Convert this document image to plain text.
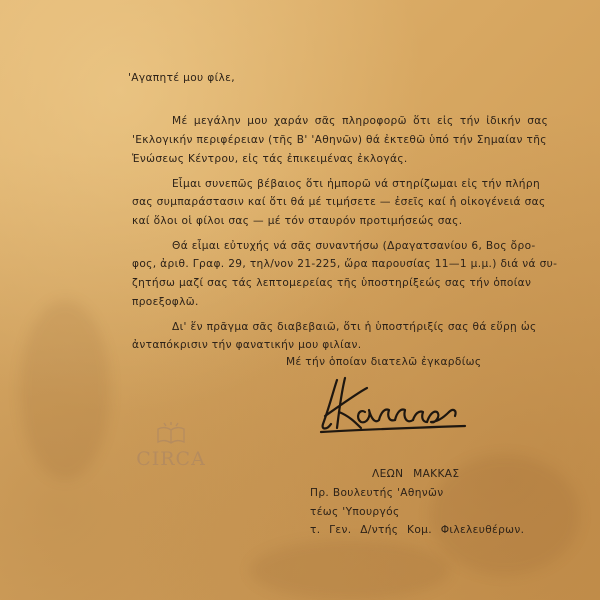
'Αγαπητέ μου φίλε,
Μέ μεγάλην μου χαράν σᾶς πληροφορῶ ὅτι εἰς τήν ἰδικήν σας
'Εκλογικήν περιφέρειαν (τῆς Β' 'Αθηνῶν) θά ἐκτεθῶ ὑπό τήν Σημαίαν τῆς
Ἑνώσεως Κέντρου, εἰς τάς ἐπικειμένας ἐκλογάς.
Εἶμαι συνεπῶς βέβαιος ὅτι ἠμπορῶ νά στηρίζωμαι εἰς τήν πλήρη
σας συμπαράστασιν καί ὅτι θά μέ τιμήσετε — ἐσεῖς καί ἡ οἰκογένειά σας
καί ὅλοι οἱ φίλοι σας — μέ τόν σταυρόν προτιμήσεώς σας.
Θά εἶμαι εὐτυχής νά σᾶς συναντήσω (Δραγατσανίου 6, Βος ὄρο-
φος, ἀριθ. Γραφ. 29, τηλ/νον 21-225, ὥρα παρουσίας 11—1 μ.μ.) διά νά συ-
ζητήσω μαζί σας τάς λεπτομερείας τῆς ὑποστηρίξεώς σας τήν ὁποίαν
προεξοφλῶ.
Δι' ἕν πρᾶγμα σᾶς διαβεβαιῶ, ὅτι ἡ ὑποστήριξίς σας θά εὕρῃ ὡς
ἀνταπόκρισιν τήν φανατικήν μου φιλίαν.
Μέ τήν ὁποίαν διατελῶ ἐγκαρδίως
CIRCA
ΛΕΩΝ ΜΑΚΚΑΣ
Πρ. Βουλευτής 'Αθηνῶν
τέως 'Υπουργός
τ. Γεν. Δ/ντής Κομ. Φιλελευθέρων.
